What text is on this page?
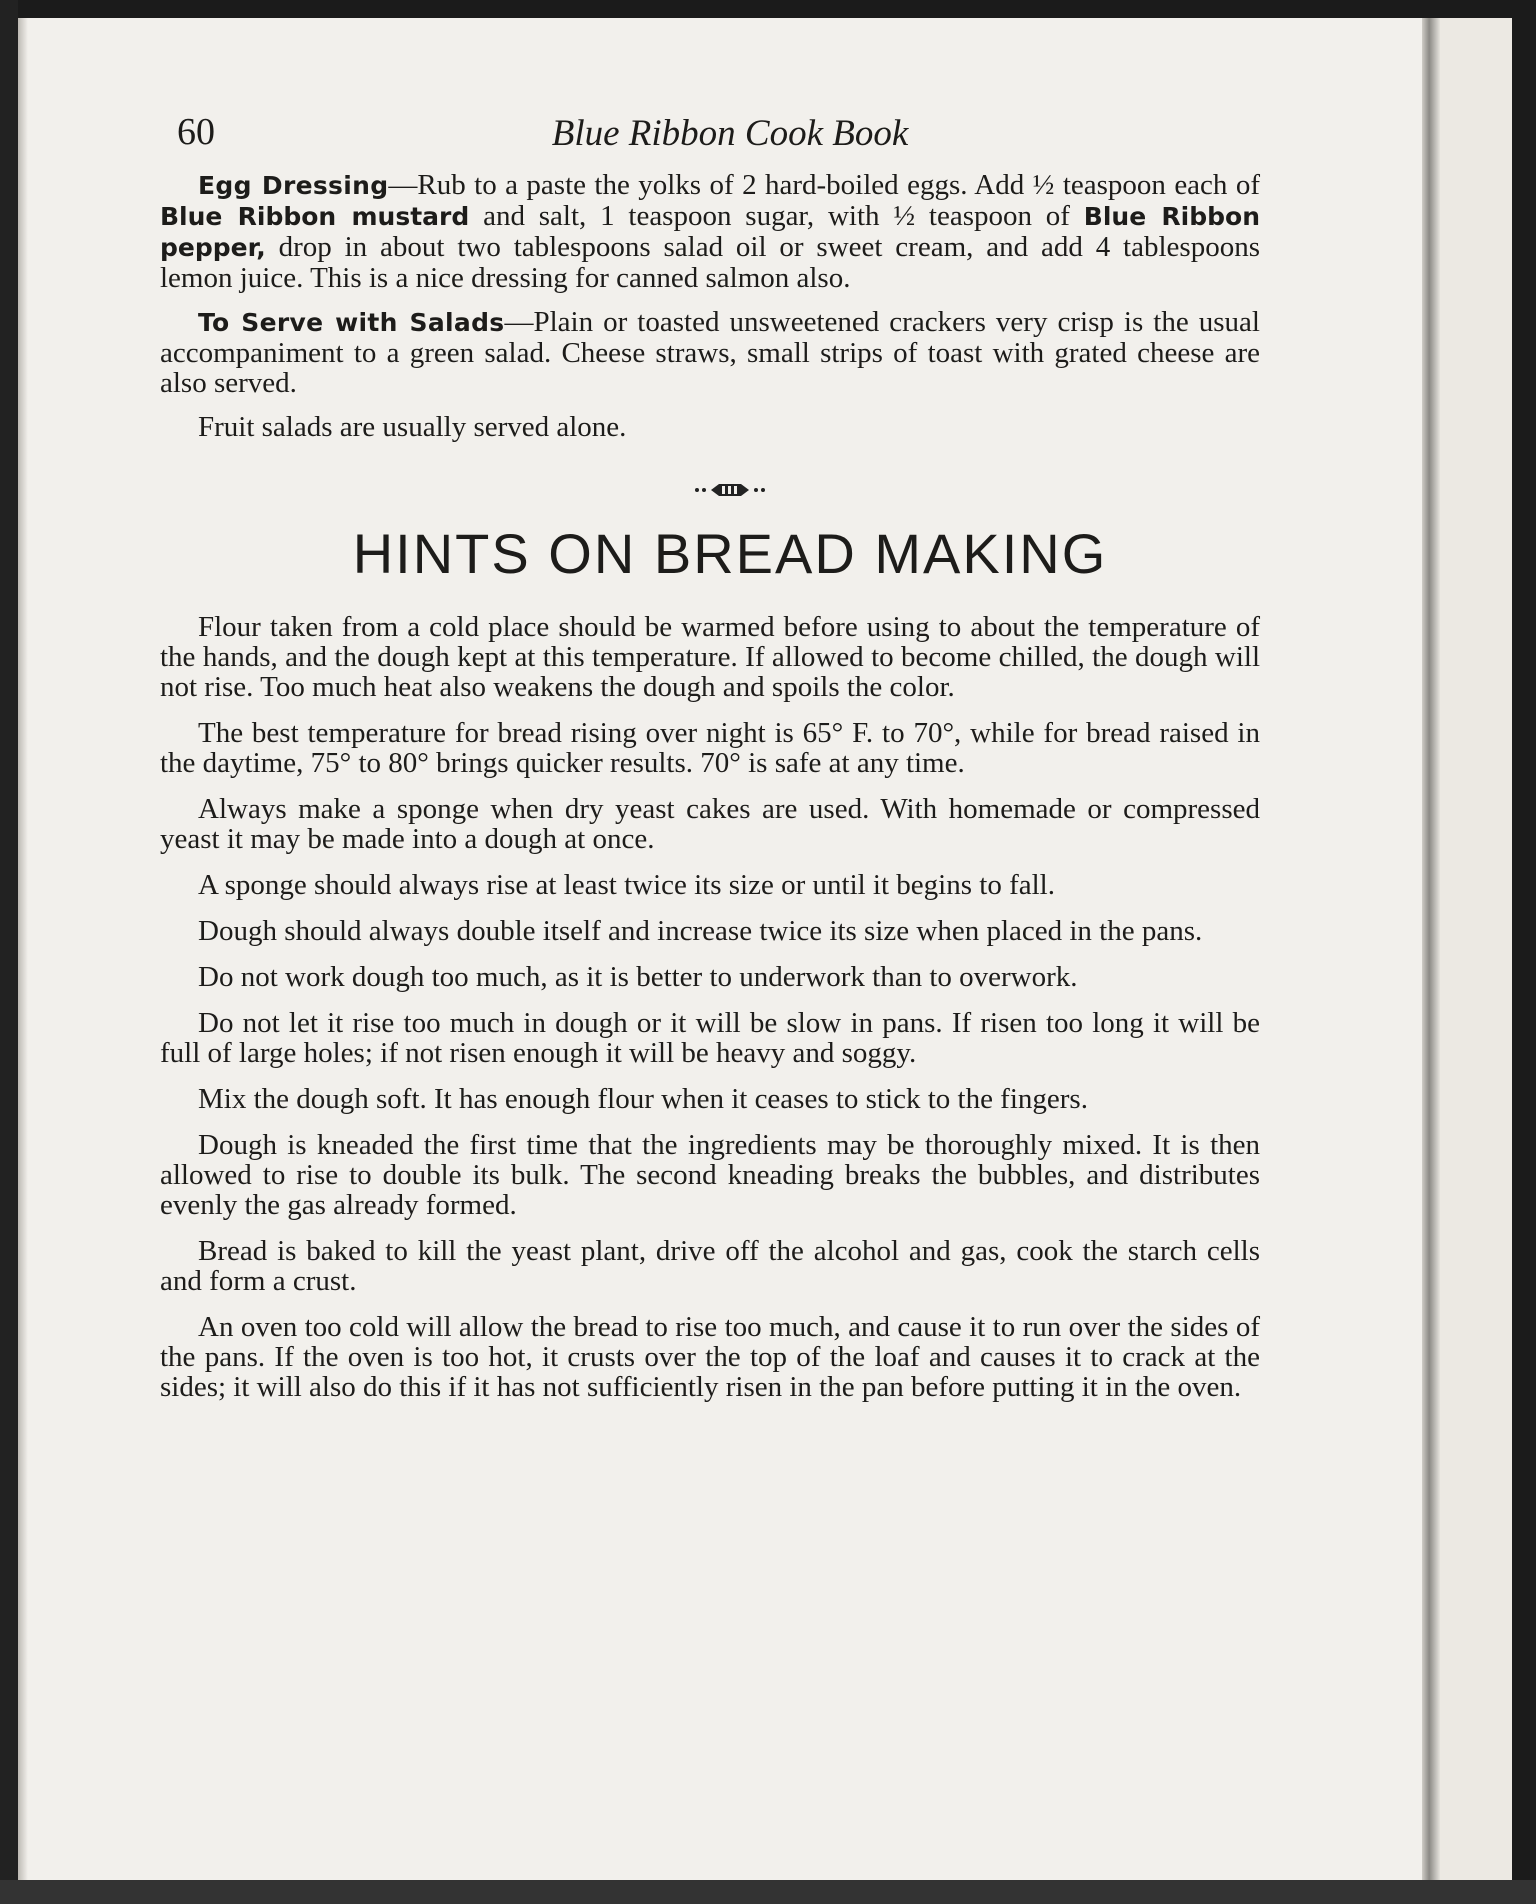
60	Blue Ribbon Cook Book

Egg Dressing—Rub to a paste the yolks of 2 hard-boiled eggs. Add ½ teaspoon each of Blue Ribbon mustard and salt, 1 teaspoon sugar, with ½ teaspoon of Blue Ribbon pepper, drop in about two tablespoons salad oil or sweet cream, and add 4 tablespoons lemon juice. This is a nice dressing for canned salmon also.

To Serve with Salads—Plain or toasted unsweetened crackers very crisp is the usual accompaniment to a green salad. Cheese straws, small strips of toast with grated cheese are also served.

Fruit salads are usually served alone.

HINTS ON BREAD MAKING

Flour taken from a cold place should be warmed before using to about the temperature of the hands, and the dough kept at this temperature. If allowed to become chilled, the dough will not rise. Too much heat also weakens the dough and spoils the color.

The best temperature for bread rising over night is 65° F. to 70°, while for bread raised in the daytime, 75° to 80° brings quicker results. 70° is safe at any time.

Always make a sponge when dry yeast cakes are used. With homemade or compressed yeast it may be made into a dough at once.

A sponge should always rise at least twice its size or until it begins to fall.

Dough should always double itself and increase twice its size when placed in the pans.

Do not work dough too much, as it is better to underwork than to overwork.

Do not let it rise too much in dough or it will be slow in pans. If risen too long it will be full of large holes; if not risen enough it will be heavy and soggy.

Mix the dough soft. It has enough flour when it ceases to stick to the fingers.

Dough is kneaded the first time that the ingredients may be thoroughly mixed. It is then allowed to rise to double its bulk. The second kneading breaks the bubbles, and distributes evenly the gas already formed.

Bread is baked to kill the yeast plant, drive off the alcohol and gas, cook the starch cells and form a crust.

An oven too cold will allow the bread to rise too much, and cause it to run over the sides of the pans. If the oven is too hot, it crusts over the top of the loaf and causes it to crack at the sides; it will also do this if it has not sufficiently risen in the pan before putting it in the oven.
